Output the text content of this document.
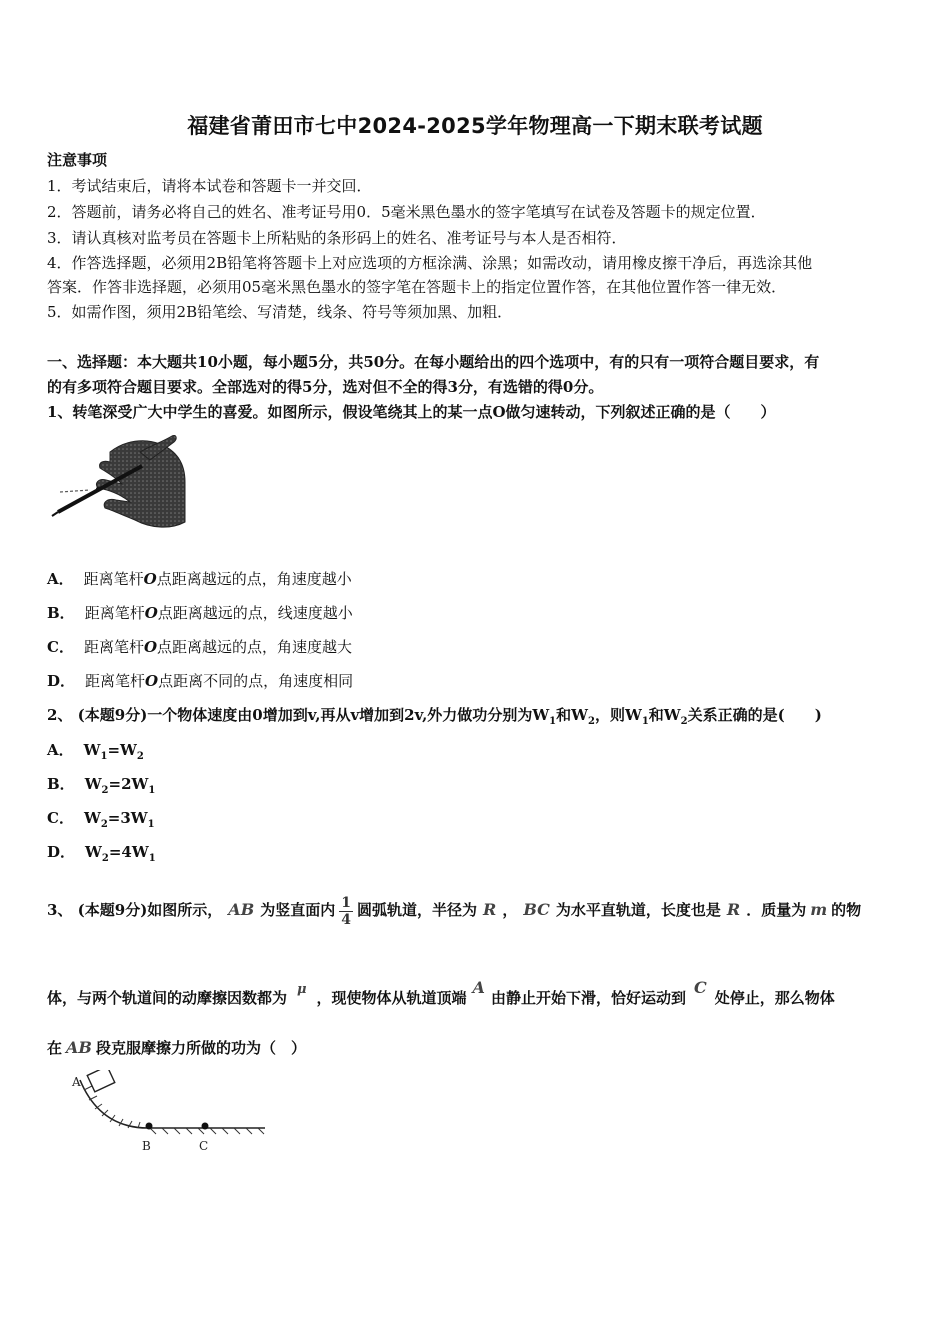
福建省莆田市七中2024-2025学年物理高一下期末联考试题
注意事项
1．考试结束后，请将本试卷和答题卡一并交回．
2．答题前，请务必将自己的姓名、准考证号用0．5毫米黑色墨水的签字笔填写在试卷及答题卡的规定位置．
3．请认真核对监考员在答题卡上所粘贴的条形码上的姓名、准考证号与本人是否相符．
4．作答选择题，必须用2B铅笔将答题卡上对应选项的方框涂满、涂黑；如需改动，请用橡皮擦干净后，再选涂其他
答案．作答非选择题，必须用05毫米黑色墨水的签字笔在答题卡上的指定位置作答，在其他位置作答一律无效．
5．如需作图，须用2B铅笔绘、写清楚，线条、符号等须加黑、加粗．
一、选择题：本大题共10小题，每小题5分，共50分。在每小题给出的四个选项中，有的只有一项符合题目要求，有
的有多项符合题目要求。全部选对的得5分，选对但不全的得3分，有选错的得0分。
1、转笔深受广大中学生的喜爱。如图所示，假设笔绕其上的某一点O做匀速转动，下列叙述正确的是（　　）
A． 距离笔杆O点距离越远的点，角速度越小
B． 距离笔杆O点距离越远的点，线速度越小
C． 距离笔杆O点距离越远的点，角速度越大
D． 距离笔杆O点距离不同的点，角速度相同
2、 (本题9分)一个物体速度由0增加到v,再从v增加到2v,外力做功分别为$W_1$和$W_2$，则$W_1$和$W_2$关系正确的是(　　)
A． $W_1=W_2$
B． $W_2=2W_1$
C． $W_2=3W_1$
D． $W_2=4W_1$
3、 (本题9分)如图所示， AB 为竖直面内 $\frac{1}{4}$ 圆弧轨道，半径为 R ， BC 为水平直轨道，长度也是 R ．质量为 m 的物
体，与两个轨道间的动摩擦因数都为 μ ，现使物体从轨道顶端A由静止开始下滑，恰好运动到C处停止，那么物体
在 AB 段克服摩擦力所做的功为（　）
A
B	C
